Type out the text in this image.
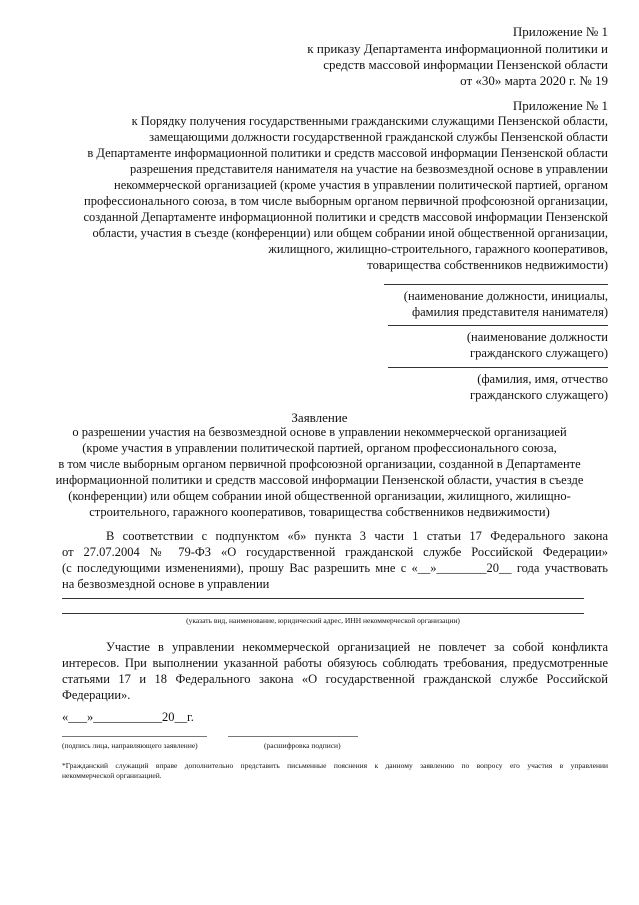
Приложение № 1
к приказу Департамента информационной политики и
средств массовой информации Пензенской области
от «30» марта 2020 г. № 19
Приложение № 1
к Порядку получения государственными гражданскими служащими Пензенской области,
замещающими должности государственной гражданской службы Пензенской области
в Департаменте информационной политики и средств массовой информации Пензенской области
разрешения представителя нанимателя на участие на безвозмездной основе в управлении
некоммерческой организацией (кроме участия в управлении политической партией, органом
профессионального союза, в том числе выборным органом первичной профсоюзной организации,
созданной Департаменте информационной политики и средств массовой информации Пензенской
области, участия в съезде (конференции) или общем собрании иной общественной организации,
жилищного, жилищно-строительного, гаражного кооперативов,
товарищества собственников недвижимости)
(наименование должности, инициалы,
фамилия представителя нанимателя)
(наименование должности
гражданского служащего)
(фамилия, имя, отчество
гражданского служащего)
Заявление
о разрешении участия на безвозмездной основе в управлении некоммерческой организацией
(кроме участия в управлении политической партией, органом профессионального союза,
в том числе выборным органом первичной профсоюзной организации, созданной в Департаменте
информационной политики и средств массовой информации Пензенской области, участия в съезде
(конференции) или общем собрании иной общественной организации, жилищного, жилищно-
строительного, гаражного кооперативов, товарищества собственников недвижимости)
В соответствии с подпунктом «б» пункта 3 части 1 статьи 17 Федерального закона
от 27.07.2004 № 79-ФЗ «О государственной гражданской службе Российской Федерации»
(с последующими изменениями), прошу Вас разрешить мне с «__»________20__ года участвовать
на безвозмездной основе в управлении
(указать вид, наименование, юридический адрес, ИНН некоммерческой организации)
Участие в управлении некоммерческой организацией не повлечет за собой конфликта
интересов. При выполнении указанной работы обязуюсь соблюдать требования, предусмотренные
статьями 17 и 18 Федерального закона «О государственной гражданской службе Российской
Федерации».
«___»___________20__г.
(подпись лица, направляющего заявление)	(расшифровка подписи)
*Гражданский служащий вправе дополнительно представить письменные пояснения к данному заявлению по вопросу его участия в управлении
некоммерческой организацией.
